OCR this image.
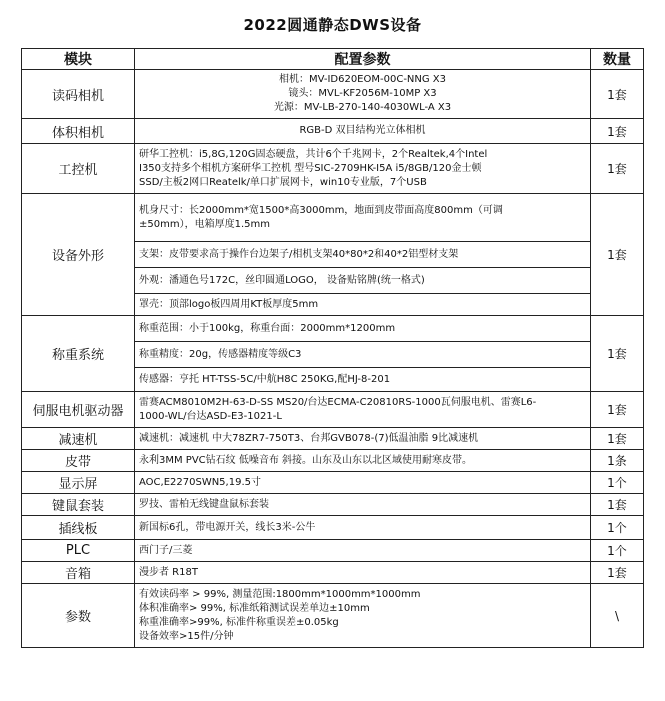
2022圆通静态DWS设备
模块	配置参数	数量
读码相机	相机：MV-ID620EOM-00C-NNG X3
镜头：MVL-KF2056M-10MP X3
光源：MV-LB-270-140-4030WL-A X3	1套
体积相机	RGB-D 双目结构光立体相机	1套
工控机	研华工控机：i5,8G,120G固态硬盘，共计6个千兆网卡，2个Realtek,4个Intel
I350支持多个相机方案研华工控机 型号SIC-2709HK-I5A i5/8GB/120金士顿
SSD/主板2网口Reatelk/单口扩展网卡，win10专业版，7个USB	1套
设备外形	机身尺寸：长2000mm*宽1500*高3000mm，地面到皮带面高度800mm（可调
±50mm），电箱厚度1.5mm	1套
	支架：皮带要求高于操作台边架子/相机支架40*80*2和40*2铝型材支架	
	外观：潘通色号172C，丝印圆通LOGO， 设备贴铭牌(统一格式)	
	罩壳：顶部logo板四周用KT板厚度5mm	
称重系统	称重范围：小于100kg，称重台面：2000mm*1200mm	1套
	称重精度：20g，传感器精度等级C3	
	传感器：亨托 HT-TSS-5C/中航H8C 250KG,配HJ-8-201	
伺服电机驱动器	雷赛ACM8010M2H-63-D-SS MS20/台达ECMA-C20810RS-1000瓦伺服电机、雷赛L6-
1000-WL/台达ASD-E3-1021-L	1套
减速机	减速机：减速机 中大78ZR7-750T3、台邦GVB078-(7)低温油脂 9比减速机	1套
皮带	永利3MM PVC钻石纹 低噪音布 斜接。山东及山东以北区域使用耐寒皮带。	1条
显示屏	AOC,E2270SWN5,19.5寸	1个
键鼠套装	罗技、雷柏无线键盘鼠标套装	1套
插线板	新国标6孔，带电源开关，线长3米-公牛	1个
PLC	西门子/三菱	1个
音箱	漫步者 R18T	1套
参数	有效读码率 > 99%, 测量范围:1800mm*1000mm*1000mm
体积准确率> 99%, 标准纸箱测试误差单边±10mm
称重准确率>99%, 标准件称重误差±0.05kg
设备效率>15件/分钟	\
